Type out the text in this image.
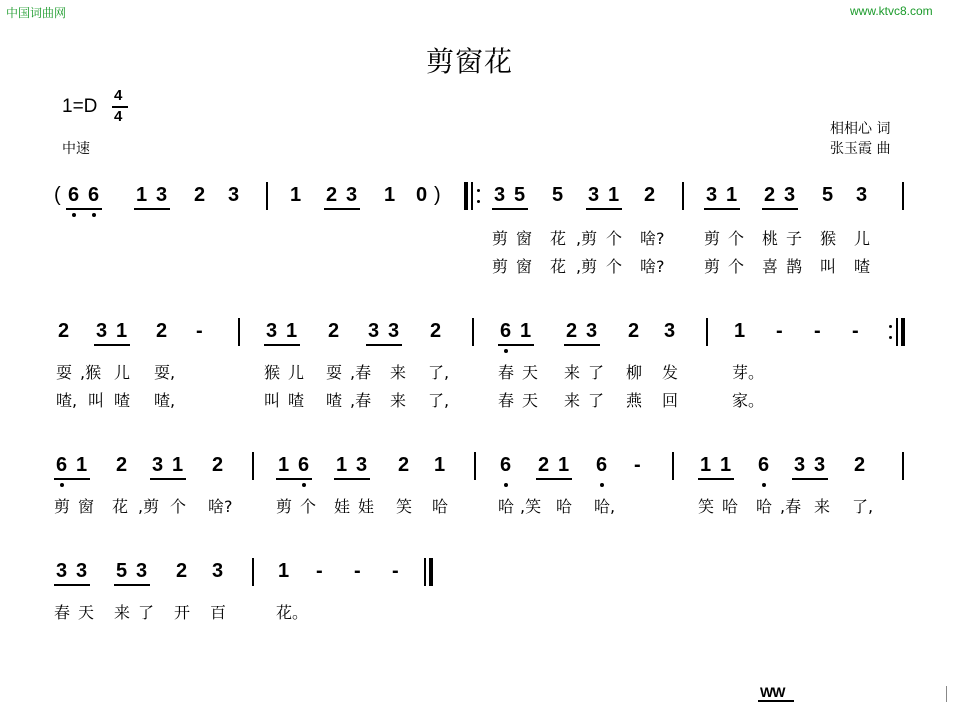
中国词曲网	www.ktvc8.com
剪窗花
1=D
4
4
中速
相相心 词
张玉霞 曲
( 6 6 1 3 2 3	1 2 3 1 0 )	3 5 5 3 1 2	3 1 2 3 5 3
剪 窗 花 ,剪 个 啥? 剪 个 桃 子 猴 儿
剪 窗 花 ,剪 个 啥? 剪 个 喜 鹊 叫 喳
2 3 1 2 -	3 1 2 3 3 2	6 1 2 3 2 3	1 - - -
耍 ,猴 儿 耍,	猴 儿 耍 ,春 来 了,	春 天 来 了 柳 发	芽。
喳, 叫 喳 喳,	叫 喳 喳 ,春 来 了,	春 天 来 了 燕 回	家。
6 1 2 3 1 2	1 6 1 3 2 1	6 2 1 6 -	1 1 6 3 3 2
剪 窗 花 ,剪 个 啥?	剪 个 娃 娃 笑 哈	哈 ,笑 哈 哈,	笑 哈 哈 ,春 来 了,
3 3 5 3 2 3	1 - - -
春 天 来 了 开 百	花。
WW
